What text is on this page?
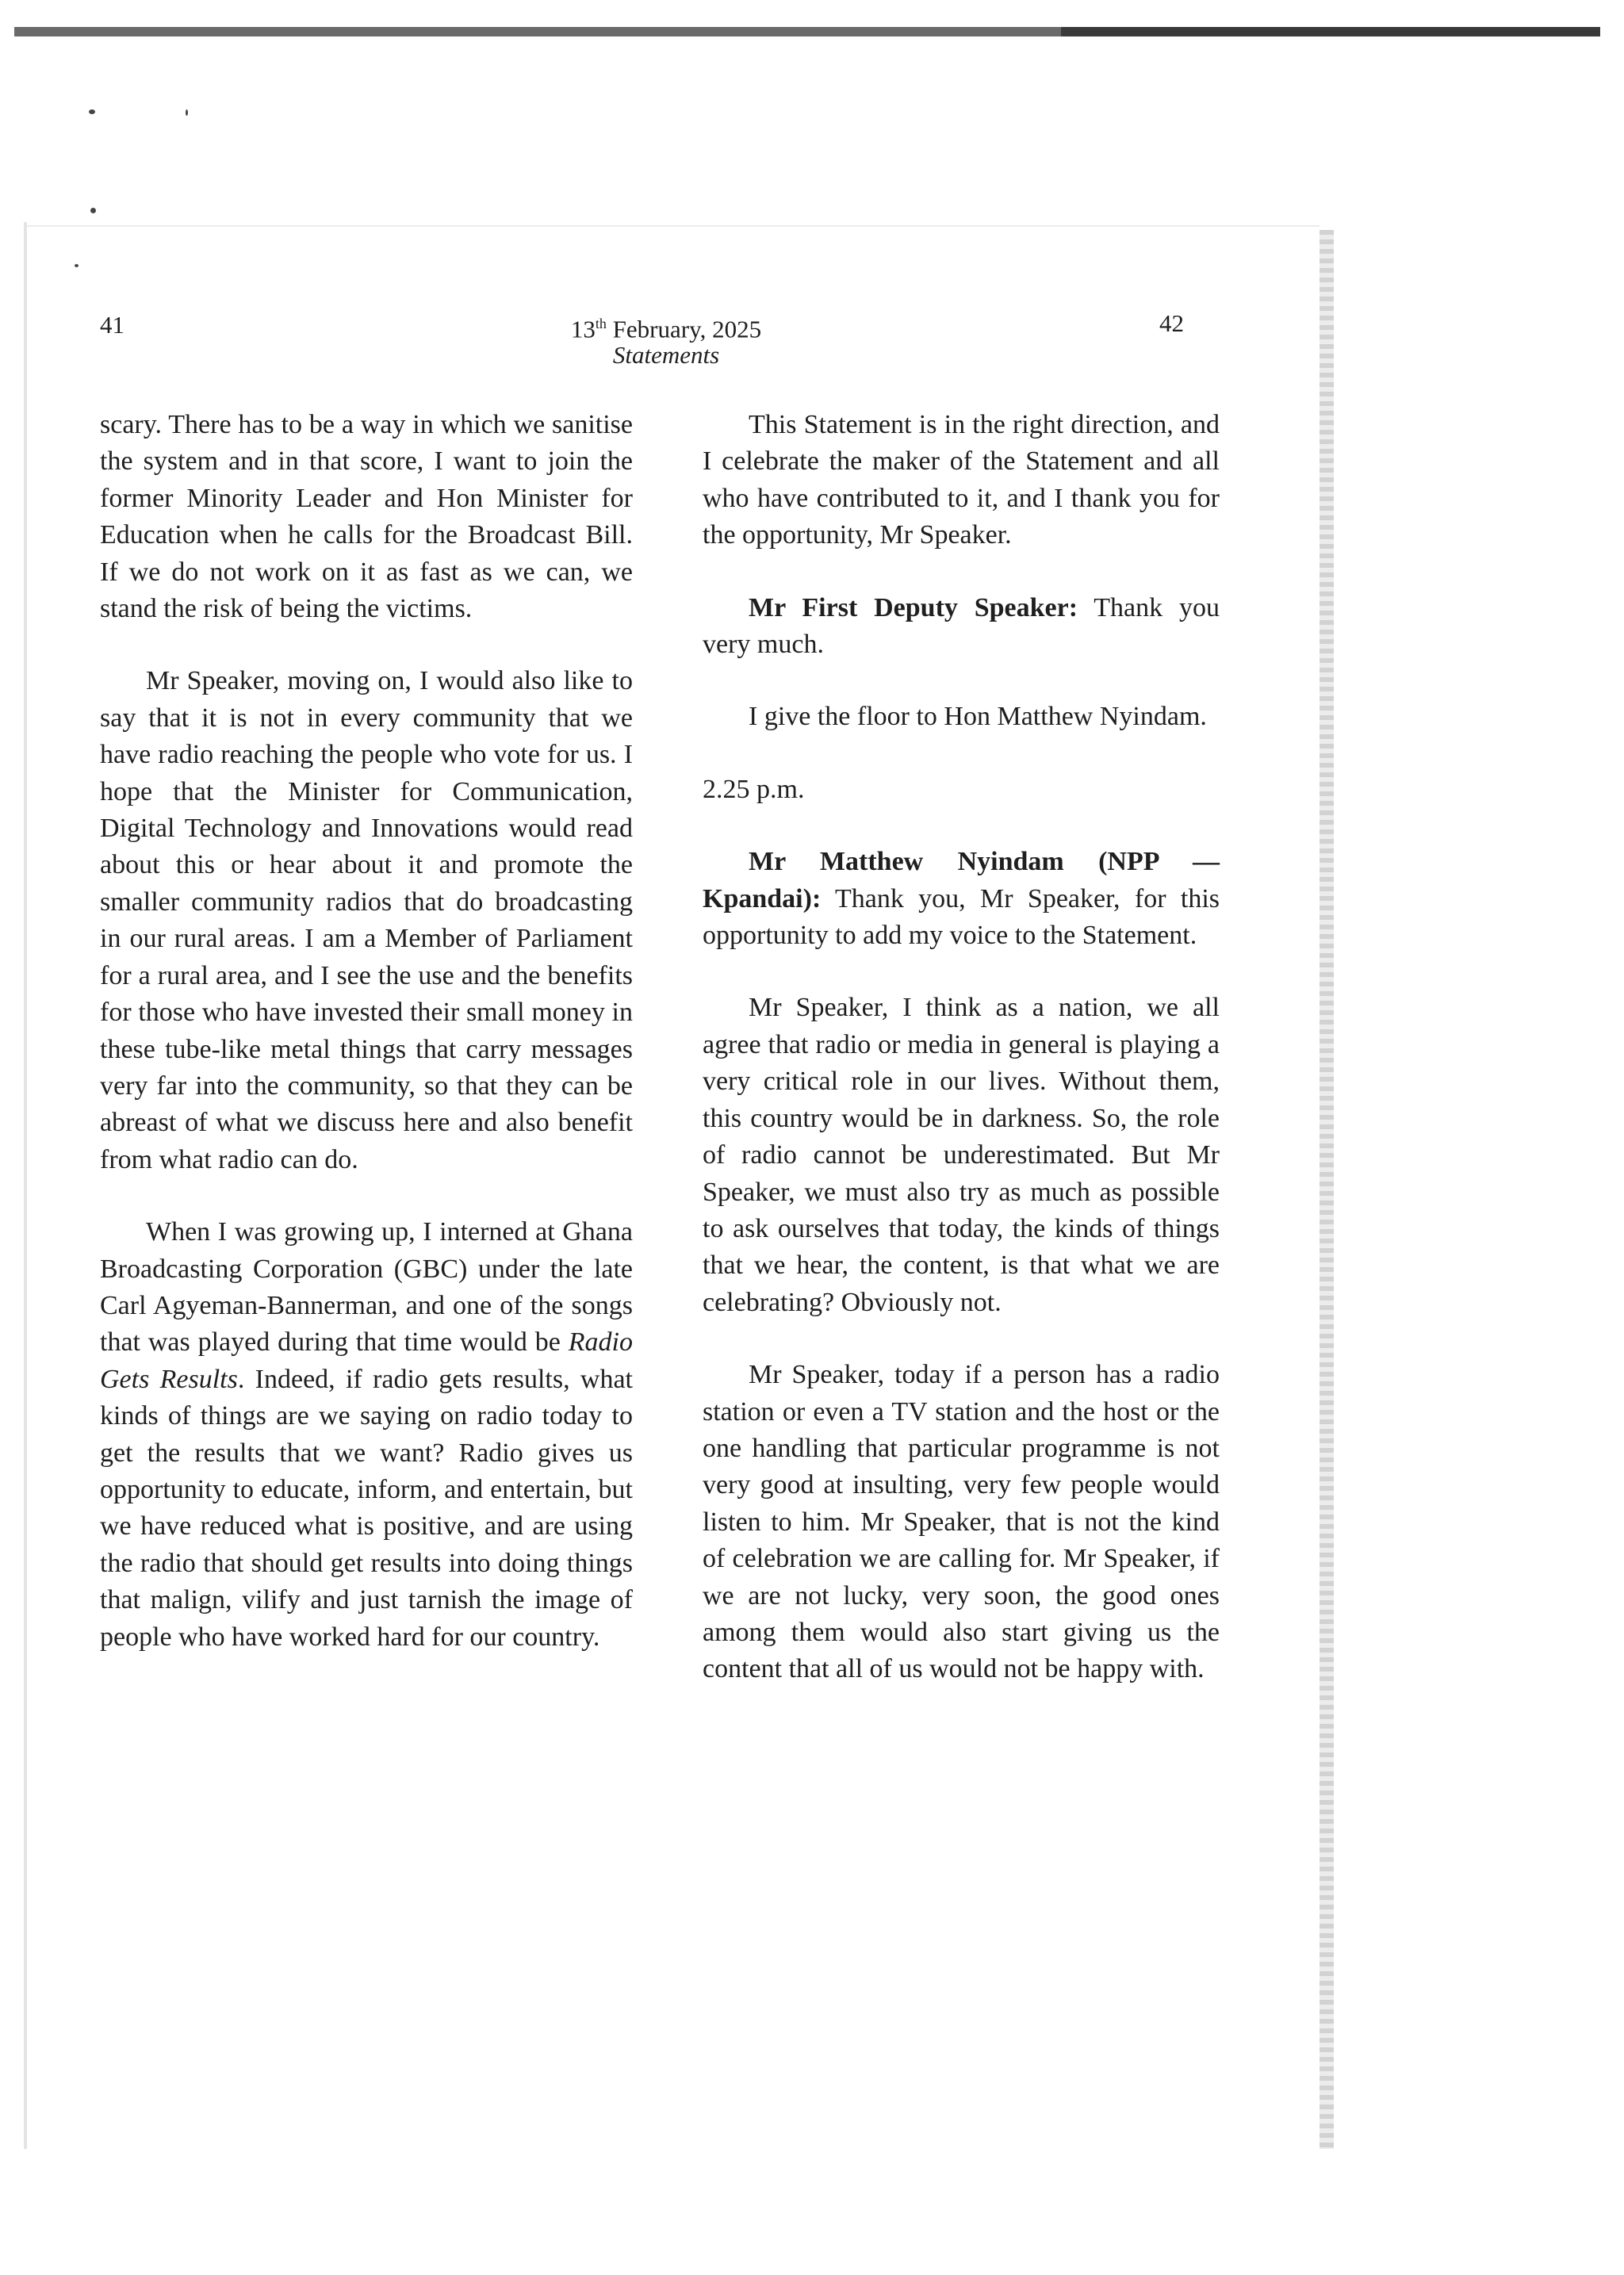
41	13th February, 2025
Statements
42

scary. There has to be a way in which we sanitise the system and in that score, I want to join the former Minority Leader and Hon Minister for Education when he calls for the Broadcast Bill. If we do not work on it as fast as we can, we stand the risk of being the victims.

Mr Speaker, moving on, I would also like to say that it is not in every community that we have radio reaching the people who vote for us. I hope that the Minister for Communication, Digital Technology and Innovations would read about this or hear about it and promote the smaller community radios that do broadcasting in our rural areas. I am a Member of Parliament for a rural area, and I see the use and the benefits for those who have invested their small money in these tube-like metal things that carry messages very far into the community, so that they can be abreast of what we discuss here and also benefit from what radio can do.

When I was growing up, I interned at Ghana Broadcasting Corporation (GBC) under the late Carl Agyeman-Bannerman, and one of the songs that was played during that time would be Radio Gets Results. Indeed, if radio gets results, what kinds of things are we saying on radio today to get the results that we want? Radio gives us opportunity to educate, inform, and entertain, but we have reduced what is positive, and are using the radio that should get results into doing things that malign, vilify and just tarnish the image of people who have worked hard for our country.

This Statement is in the right direction, and I celebrate the maker of the Statement and all who have contributed to it, and I thank you for the opportunity, Mr Speaker.

Mr First Deputy Speaker: Thank you very much.

I give the floor to Hon Matthew Nyindam.

2.25 p.m.

Mr Matthew Nyindam (NPP — Kpandai): Thank you, Mr Speaker, for this opportunity to add my voice to the Statement.

Mr Speaker, I think as a nation, we all agree that radio or media in general is playing a very critical role in our lives. Without them, this country would be in darkness. So, the role of radio cannot be underestimated. But Mr Speaker, we must also try as much as possible to ask ourselves that today, the kinds of things that we hear, the content, is that what we are celebrating? Obviously not.

Mr Speaker, today if a person has a radio station or even a TV station and the host or the one handling that particular programme is not very good at insulting, very few people would listen to him. Mr Speaker, that is not the kind of celebration we are calling for. Mr Speaker, if we are not lucky, very soon, the good ones among them would also start giving us the content that all of us would not be happy with.
